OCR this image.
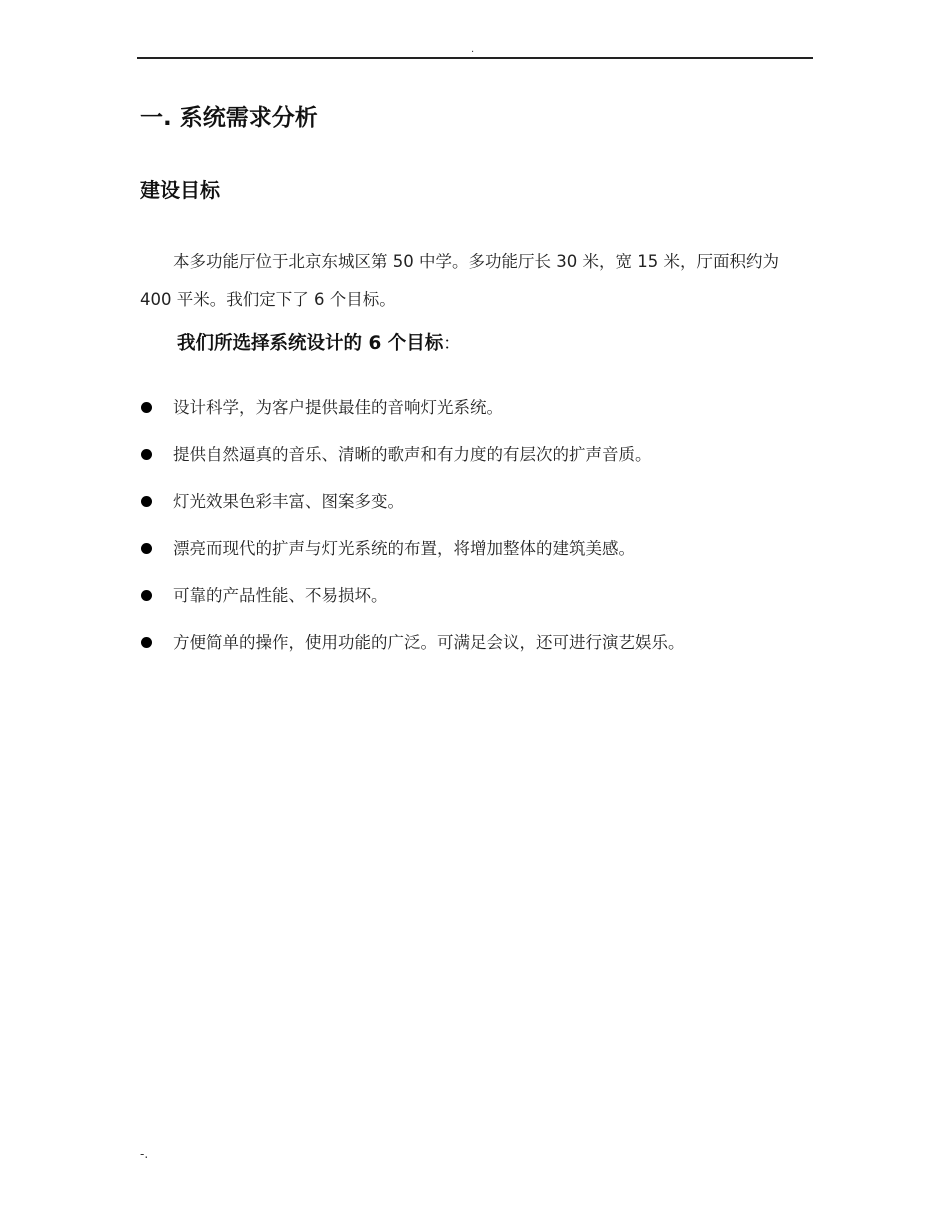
.
一. 系统需求分析
建设目标

本多功能厅位于北京东城区第 50 中学。多功能厅长 30 米，宽 15 米，厅面积约为 400 平米。我们定下了 6 个目标。

我们所选择系统设计的 6 个目标：

设计科学，为客户提供最佳的音响灯光系统。
提供自然逼真的音乐、清晰的歌声和有力度的有层次的扩声音质。
灯光效果色彩丰富、图案多变。
漂亮而现代的扩声与灯光系统的布置，将增加整体的建筑美感。
可靠的产品性能、不易损坏。
方便简单的操作，使用功能的广泛。可满足会议，还可进行演艺娱乐。
-.
